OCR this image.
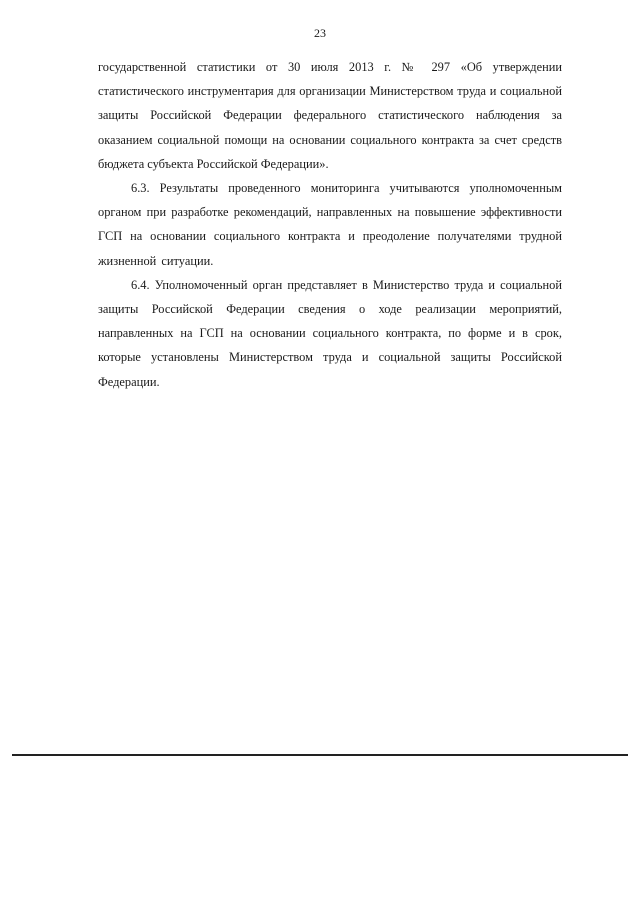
23

государственной статистики от 30 июля 2013 г. № 297 «Об утверждении статистического инструментария для организации Министерством труда и социальной защиты Российской Федерации федерального статистического наблюдения за оказанием социальной помощи на основании социального контракта за счет средств бюджета субъекта Российской Федерации».

6.3. Результаты проведенного мониторинга учитываются уполномоченным органом при разработке рекомендаций, направленных на повышение эффективности ГСП на основании социального контракта и преодоление получателями трудной жизненной ситуации.

6.4. Уполномоченный орган представляет в Министерство труда и социальной защиты Российской Федерации сведения о ходе реализации мероприятий, направленных на ГСП на основании социального контракта, по форме и в срок, которые установлены Министерством труда и социальной защиты Российской Федерации.
